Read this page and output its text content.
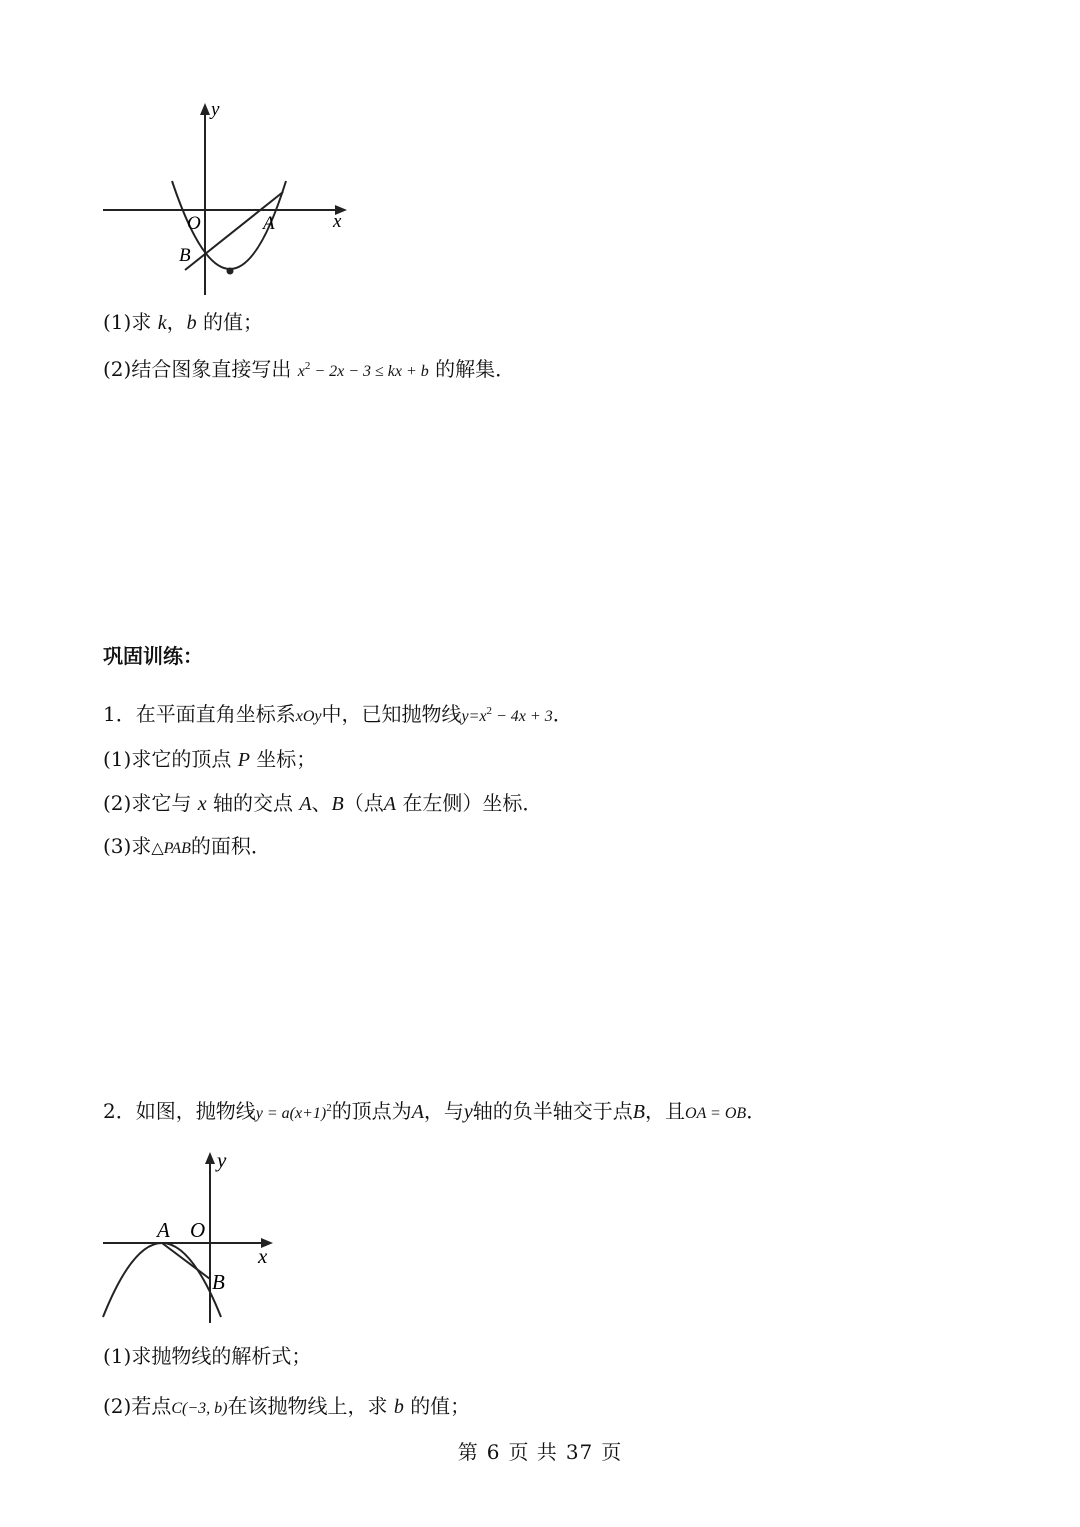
y
x
O	A
B
(1)求 k，b 的值；
(2)结合图象直接写出 $x^2 - 2x - 3$ ≤ kx + b 的解集．
巩固训练：
1．在平面直角坐标系xOy中，已知抛物线$y=x^2 - 4x + 3$．
(1)求它的顶点 P 坐标；
(2)求它与 x 轴的交点 A、B（点A 在左侧）坐标．
(3)求△PAB的面积．
2．如图，抛物线$y = a(x+1)^2$的顶点为A，与y轴的负半轴交于点B，且OA = OB．
y
x
A O
B
(1)求抛物线的解析式；
(2)若点C(−3, b)在该抛物线上，求 b 的值；
第 6 页 共 37 页
